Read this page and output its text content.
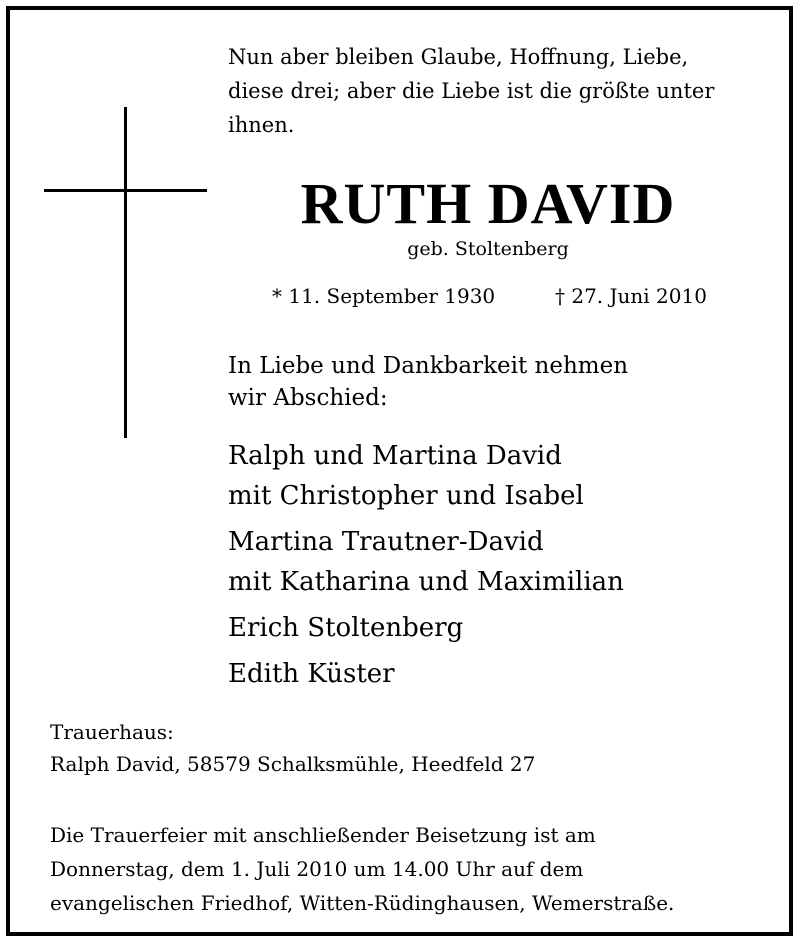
Nun aber bleiben Glaube, Hoffnung, Liebe,
diese drei; aber die Liebe ist die größte unter
ihnen.
RUTH DAVID
geb. Stoltenberg
* 11. September 1930	† 27. Juni 2010
In Liebe und Dankbarkeit nehmen
wir Abschied:
Ralph und Martina David
mit Christopher und Isabel
Martina Trautner-David
mit Katharina und Maximilian
Erich Stoltenberg
Edith Küster
Trauerhaus:
Ralph David, 58579 Schalksmühle, Heedfeld 27
Die Trauerfeier mit anschließender Beisetzung ist am
Donnerstag, dem 1. Juli 2010 um 14.00 Uhr auf dem
evangelischen Friedhof, Witten-Rüdinghausen, Wemerstraße.
